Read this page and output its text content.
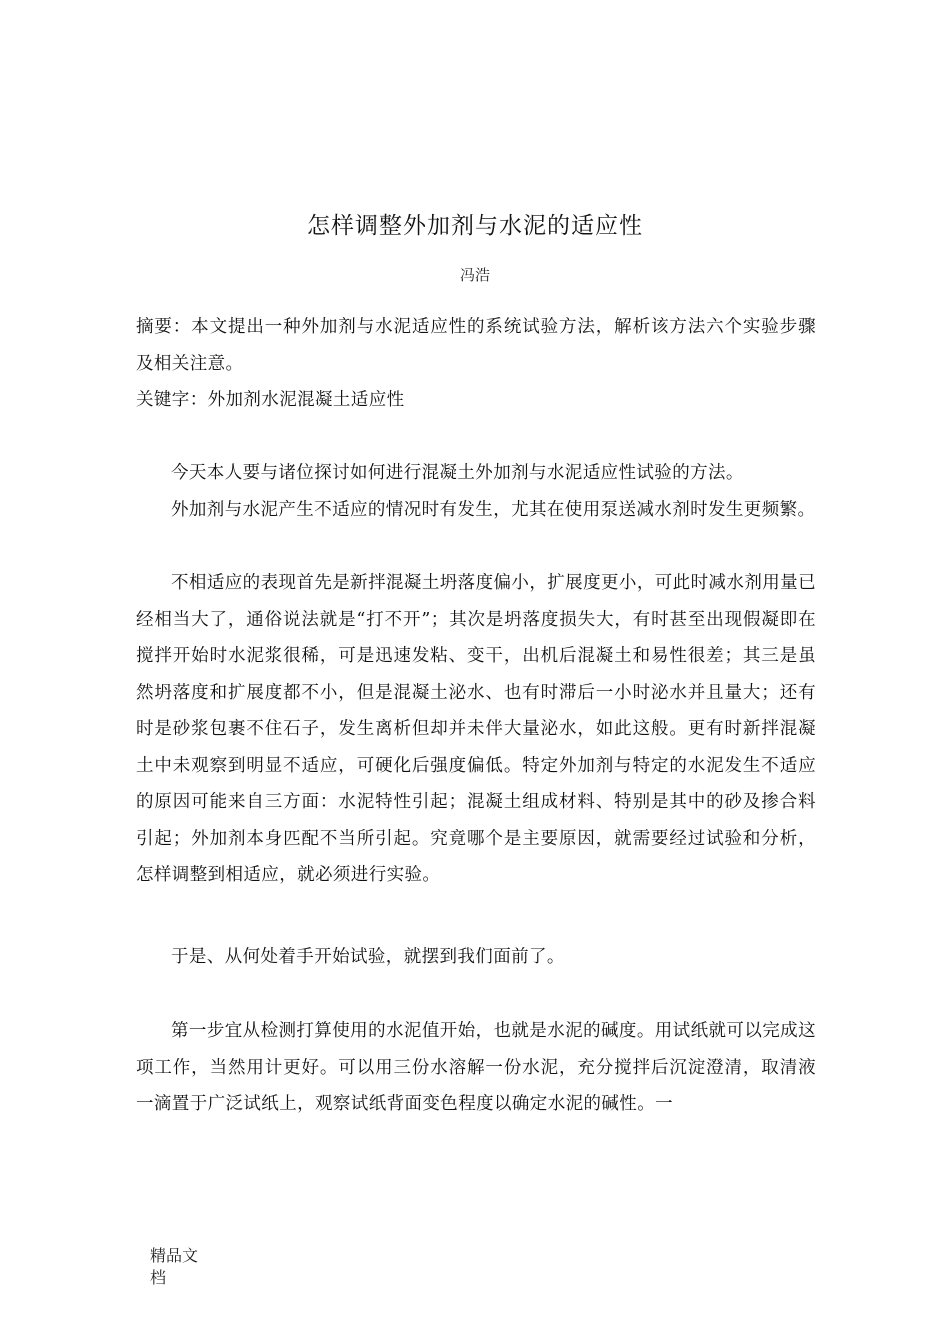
怎样调整外加剂与水泥的适应性
冯浩

摘要：本文提出一种外加剂与水泥适应性的系统试验方法，解析该方法六个实验步骤及相关注意。

关键字：外加剂水泥混凝土适应性

今天本人要与诸位探讨如何进行混凝土外加剂与水泥适应性试验的方法。

外加剂与水泥产生不适应的情况时有发生，尤其在使用泵送减水剂时发生更频繁。

不相适应的表现首先是新拌混凝土坍落度偏小，扩展度更小，可此时减水剂用量已经相当大了，通俗说法就是“打不开”；其次是坍落度损失大，有时甚至出现假凝即在搅拌开始时水泥浆很稀，可是迅速发粘、变干，出机后混凝土和易性很差；其三是虽然坍落度和扩展度都不小，但是混凝土泌水、也有时滞后一小时泌水并且量大；还有时是砂浆包裹不住石子，发生离析但却并未伴大量泌水，如此这般。更有时新拌混凝土中未观察到明显不适应，可硬化后强度偏低。特定外加剂与特定的水泥发生不适应的原因可能来自三方面：水泥特性引起；混凝土组成材料、特别是其中的砂及掺合料引起；外加剂本身匹配不当所引起。究竟哪个是主要原因，就需要经过试验和分析，怎样调整到相适应，就必须进行实验。

于是、从何处着手开始试验，就摆到我们面前了。

第一步宜从检测打算使用的水泥值开始，也就是水泥的碱度。用试纸就可以完成这项工作，当然用计更好。可以用三份水溶解一份水泥，充分搅拌后沉淀澄清，取清液一滴置于广泛试纸上，观察试纸背面变色程度以确定水泥的碱性。一

精品文档
